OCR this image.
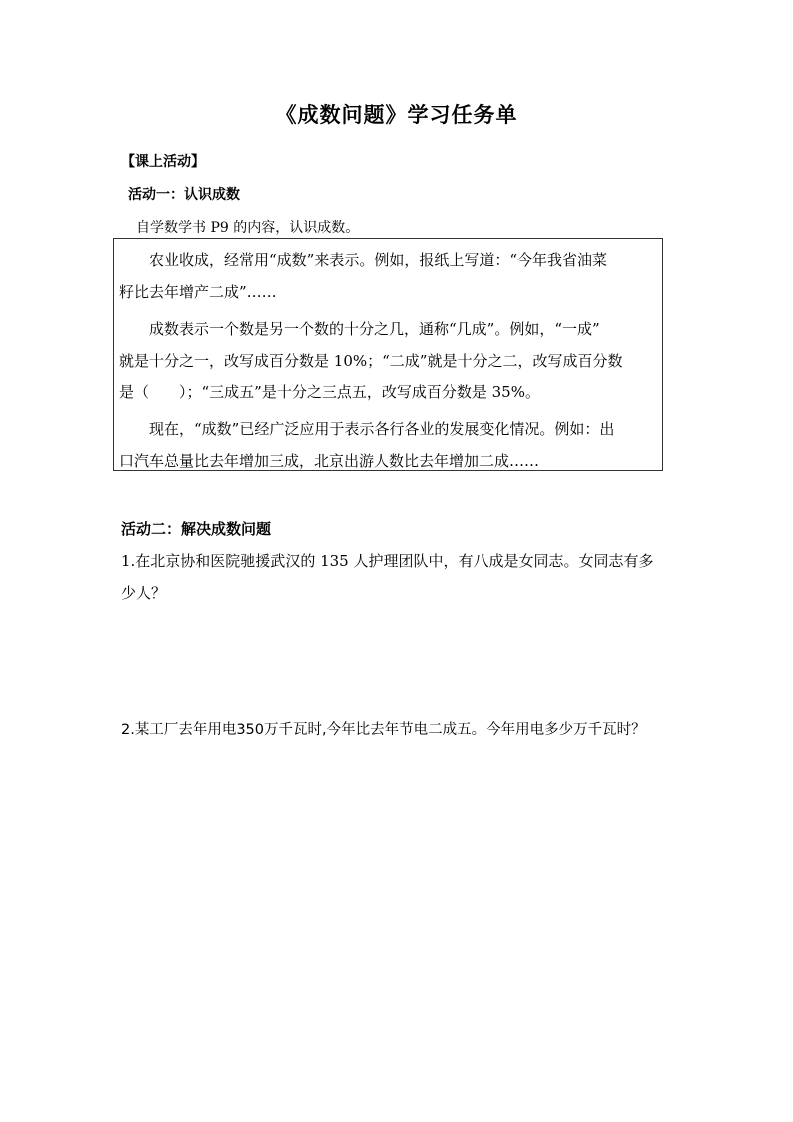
《成数问题》学习任务单
【课上活动】
活动一：认识成数
自学数学书 P9 的内容，认识成数。
农业收成，经常用“成数”来表示。例如，报纸上写道：“今年我省油菜
籽比去年增产二成”……
成数表示一个数是另一个数的十分之几，通称“几成”。例如，“一成”
就是十分之一，改写成百分数是 10%；“二成”就是十分之二，改写成百分数
是（　　）；“三成五”是十分之三点五，改写成百分数是 35%。
现在，“成数”已经广泛应用于表示各行各业的发展变化情况。例如：出
口汽车总量比去年增加三成，北京出游人数比去年增加二成……
活动二：解决成数问题
1.在北京协和医院驰援武汉的 135 人护理团队中，有八成是女同志。女同志有多
少人？
2.某工厂去年用电350万千瓦时,今年比去年节电二成五。今年用电多少万千瓦时？
